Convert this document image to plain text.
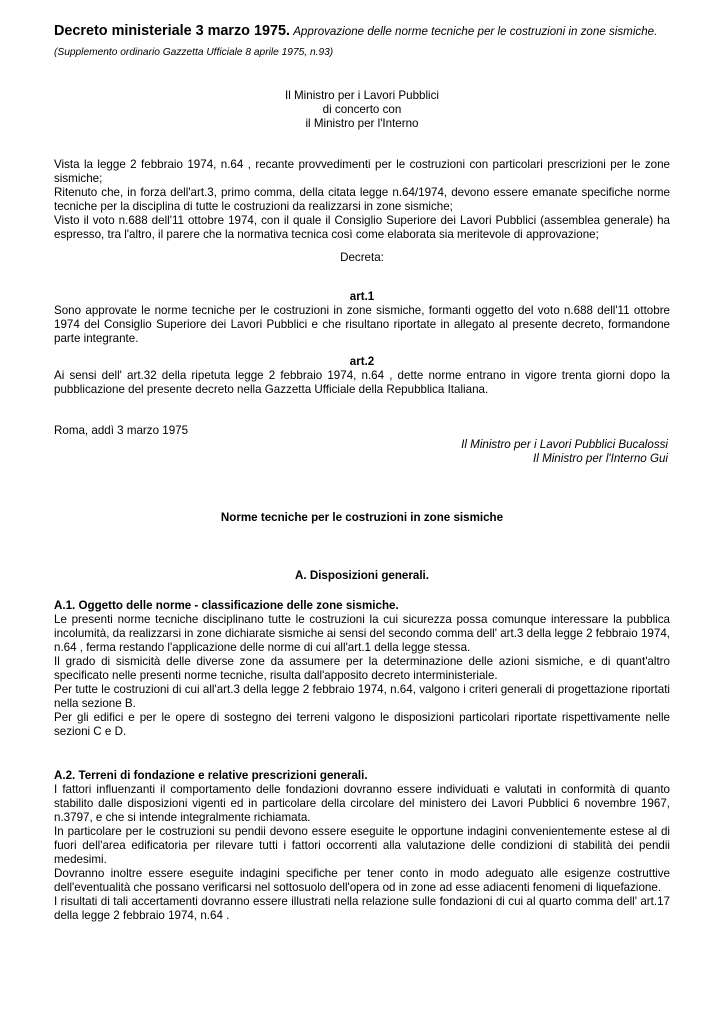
Decreto ministeriale 3 marzo 1975. Approvazione delle norme tecniche per le costruzioni in zone sismiche.

(Supplemento ordinario Gazzetta Ufficiale 8 aprile 1975, n.93)

Il Ministro per i Lavori Pubblici

di concerto con

il Ministro per l'Interno

Vista la legge 2 febbraio 1974, n.64 , recante provvedimenti per le costruzioni con particolari prescrizioni per le zone sismiche;

Ritenuto che, in forza dell'art.3, primo comma, della citata legge n.64/1974, devono essere emanate specifiche norme tecniche per la disciplina di tutte le costruzioni da realizzarsi in zone sismiche;

Visto il voto n.688 dell'11 ottobre 1974, con il quale il Consiglio Superiore dei Lavori Pubblici (assemblea generale) ha espresso, tra l'altro, il parere che la normativa tecnica così come elaborata sia meritevole di approvazione;

Decreta:

art.1

Sono approvate le norme tecniche per le costruzioni in zone sismiche, formanti oggetto del voto n.688 dell'11 ottobre 1974 del Consiglio Superiore dei Lavori Pubblici e che risultano riportate in allegato al presente decreto, formandone parte integrante.

art.2

Ai sensi dell' art.32 della ripetuta legge 2 febbraio 1974, n.64 , dette norme entrano in vigore trenta giorni dopo la pubblicazione del presente decreto nella Gazzetta Ufficiale della Repubblica Italiana.

Roma, addì 3 marzo 1975

Il Ministro per i Lavori Pubblici Bucalossi

Il Ministro per l'Interno Gui

Norme tecniche per le costruzioni in zone sismiche

A. Disposizioni generali.

A.1. Oggetto delle norme - classificazione delle zone sismiche.

Le presenti norme tecniche disciplinano tutte le costruzioni la cui sicurezza possa comunque interessare la pubblica incolumità, da realizzarsi in zone dichiarate sismiche ai sensi del secondo comma dell' art.3 della legge 2 febbraio 1974, n.64 , ferma restando l'applicazione delle norme di cui all'art.1 della legge stessa.

Il grado di sismicità delle diverse zone da assumere per la determinazione delle azioni sismiche, e di quant'altro specificato nelle presenti norme tecniche, risulta dall'apposito decreto interministeriale.

Per tutte le costruzioni di cui all'art.3 della legge 2 febbraio 1974, n.64, valgono i criteri generali di progettazione riportati nella sezione B.

Per gli edifici e per le opere di sostegno dei terreni valgono le disposizioni particolari riportate rispettivamente nelle sezioni C e D.

A.2. Terreni di fondazione e relative prescrizioni generali.

I fattori influenzanti il comportamento delle fondazioni dovranno essere individuati e valutati in conformità di quanto stabilito dalle disposizioni vigenti ed in particolare della circolare del ministero dei Lavori Pubblici 6 novembre 1967, n.3797, e che si intende integralmente richiamata.

In particolare per le costruzioni su pendii devono essere eseguite le opportune indagini convenientemente estese al di fuori dell'area edificatoria per rilevare tutti i fattori occorrenti alla valutazione delle condizioni di stabilità dei pendii medesimi.

Dovranno inoltre essere eseguite indagini specifiche per tener conto in modo adeguato alle esigenze costruttive dell'eventualità che possano verificarsi nel sottosuolo dell'opera od in zone ad esse adiacenti fenomeni di liquefazione.

I risultati di tali accertamenti dovranno essere illustrati nella relazione sulle fondazioni di cui al quarto comma dell' art.17 della legge 2 febbraio 1974, n.64 .
